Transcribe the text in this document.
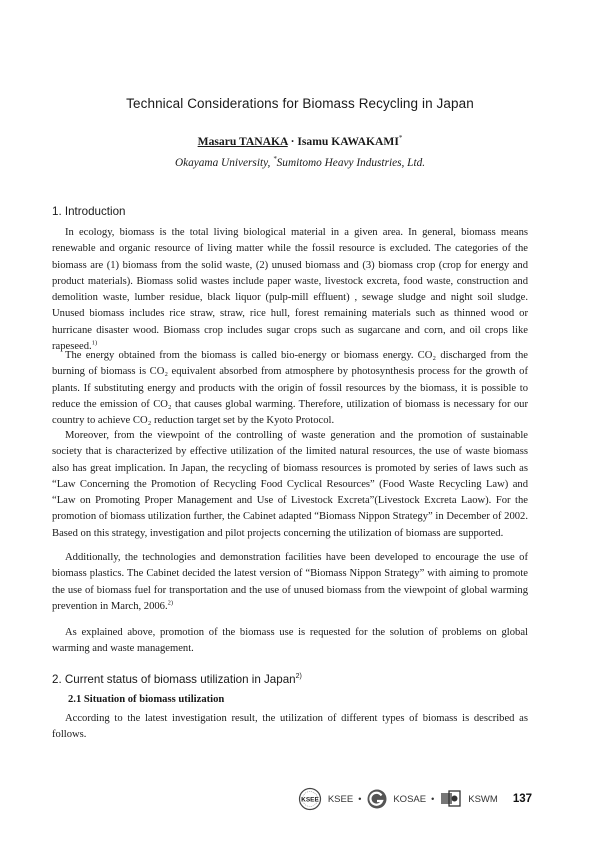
Technical Considerations for Biomass Recycling in Japan
Masaru TANAKA · Isamu KAWAKAMI*
Okayama University, *Sumitomo Heavy Industries, Ltd.
1. Introduction

In ecology, biomass is the total living biological material in a given area. In general, biomass means renewable and organic resource of living matter while the fossil resource is excluded. The categories of the biomass are (1) biomass from the solid waste, (2) unused biomass and (3) biomass crop (crop for energy and product materials). Biomass solid wastes include paper waste, livestock excreta, food waste, construction and demolition waste, lumber residue, black liquor (pulp-mill effluent) , sewage sludge and night soil sludge. Unused biomass includes rice straw, straw, rice hull, forest remaining materials such as thinned wood or hurricane disaster wood. Biomass crop includes sugar crops such as sugarcane and corn, and oil crops like rapeseed.$^{1)}$

The energy obtained from the biomass is called bio-energy or biomass energy. CO₂ discharged from the burning of biomass is CO₂ equivalent absorbed from atmosphere by photosynthesis process for the growth of plants. If substituting energy and products with the origin of fossil resources by the biomass, it is possible to reduce the emission of CO₂ that causes global warming. Therefore, utilization of biomass is necessary for our country to achieve CO₂ reduction target set by the Kyoto Protocol.

Moreover, from the viewpoint of the controlling of waste generation and the promotion of sustainable society that is characterized by effective utilization of the limited natural resources, the use of waste biomass also has great implication. In Japan, the recycling of biomass resources is promoted by series of laws such as “Law Concerning the Promotion of Recycling Food Cyclical Resources” (Food Waste Recycling Law) and “Law on Promoting Proper Management and Use of Livestock Excreta”(Livestock Excreta Laow). For the promotion of biomass utilization further, the Cabinet adapted “Biomass Nippon Strategy” in December of 2002. Based on this strategy, investigation and pilot projects concerning the utilization of biomass are supported.

Additionally, the technologies and demonstration facilities have been developed to encourage the use of biomass plastics. The Cabinet decided the latest version of “Biomass Nippon Strategy” with aiming to promote the use of biomass fuel for transportation and the use of unused biomass from the viewpoint of global warming prevention in March, 2006.$^{2)}$

As explained above, promotion of the biomass use is requested for the solution of problems on global warming and waste management.

2. Current status of biomass utilization in Japan$^{2)}$
2.1 Situation of biomass utilization

According to the latest investigation result, the utilization of different types of biomass is described as follows.

KSEE KSEE •	KOSAE •	KSWM 137
